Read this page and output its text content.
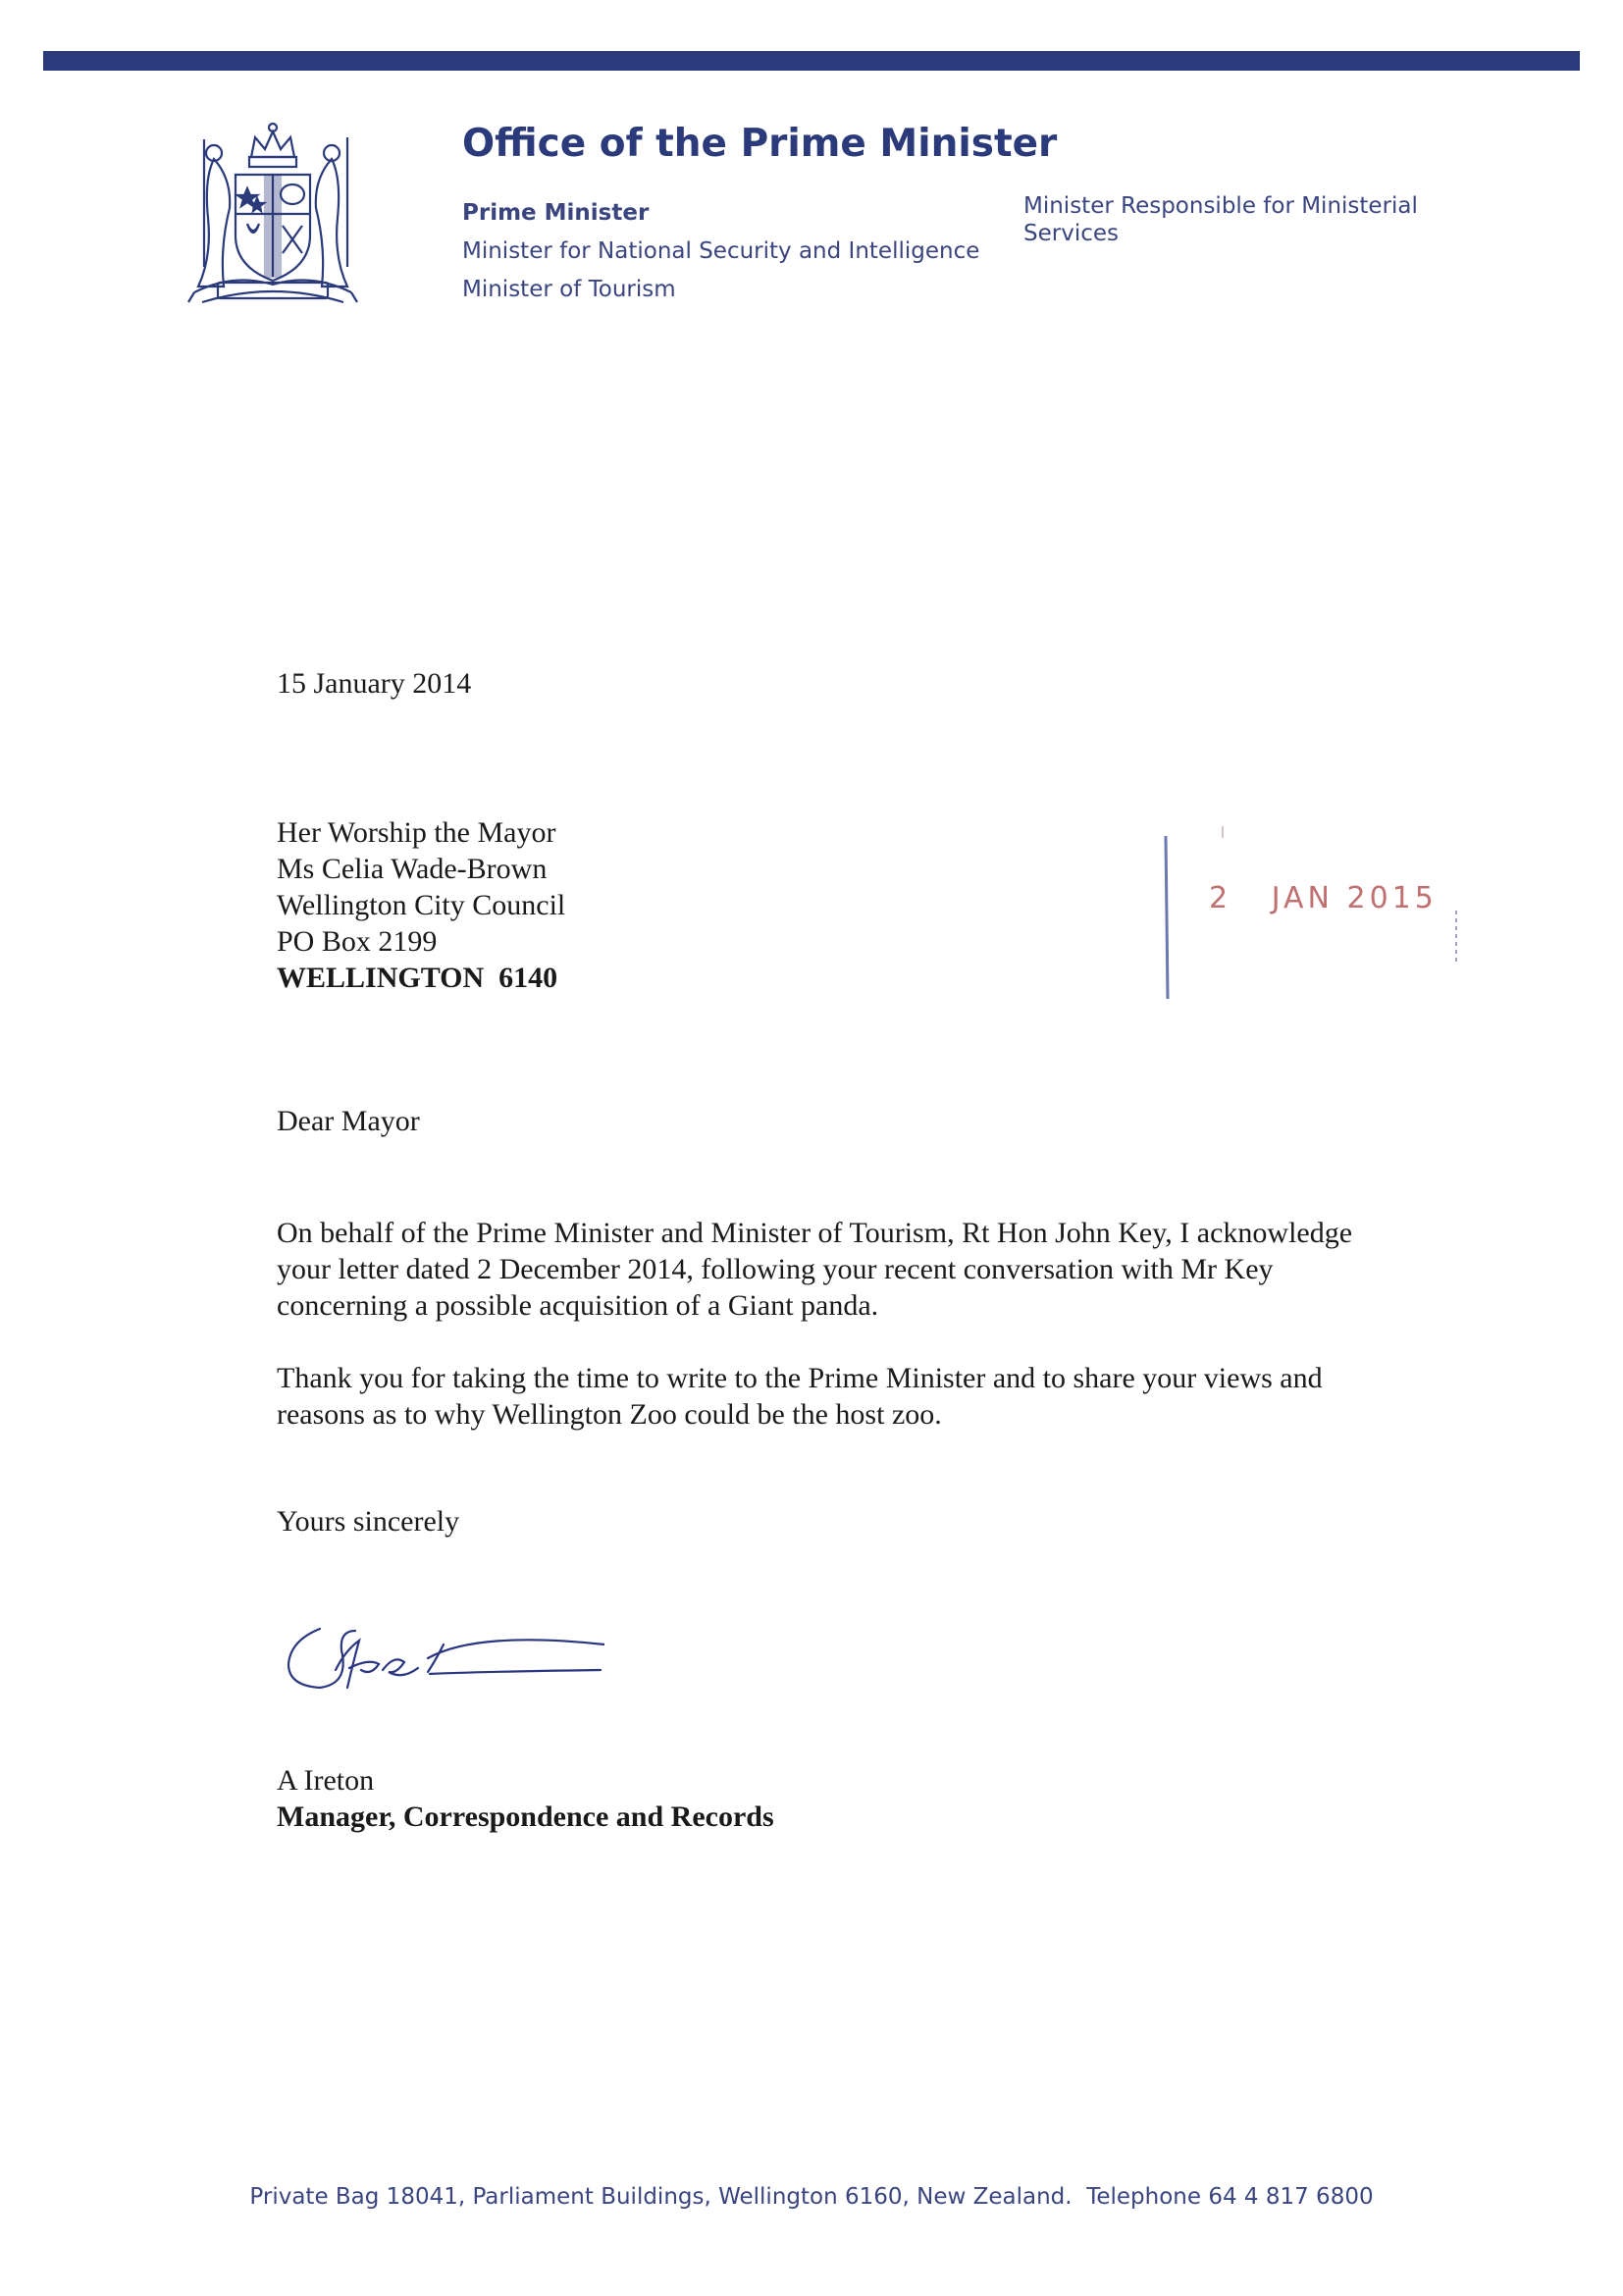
Office of the Prime Minister
Prime Minister
Minister for National Security and Intelligence
Minister of Tourism
Minister Responsible for Ministerial Services
15 January 2014
Her Worship the Mayor
Ms Celia Wade-Brown
Wellington City Council
PO Box 2199
WELLINGTON  6140
2   JAN 2015
Dear Mayor
On behalf of the Prime Minister and Minister of Tourism, Rt Hon John Key, I acknowledge your letter dated 2 December 2014, following your recent conversation with Mr Key concerning a possible acquisition of a Giant panda.
Thank you for taking the time to write to the Prime Minister and to share your views and reasons as to why Wellington Zoo could be the host zoo.
Yours sincerely
A Ireton
Manager, Correspondence and Records
Private Bag 18041, Parliament Buildings, Wellington 6160, New Zealand.  Telephone 64 4 817 6800
